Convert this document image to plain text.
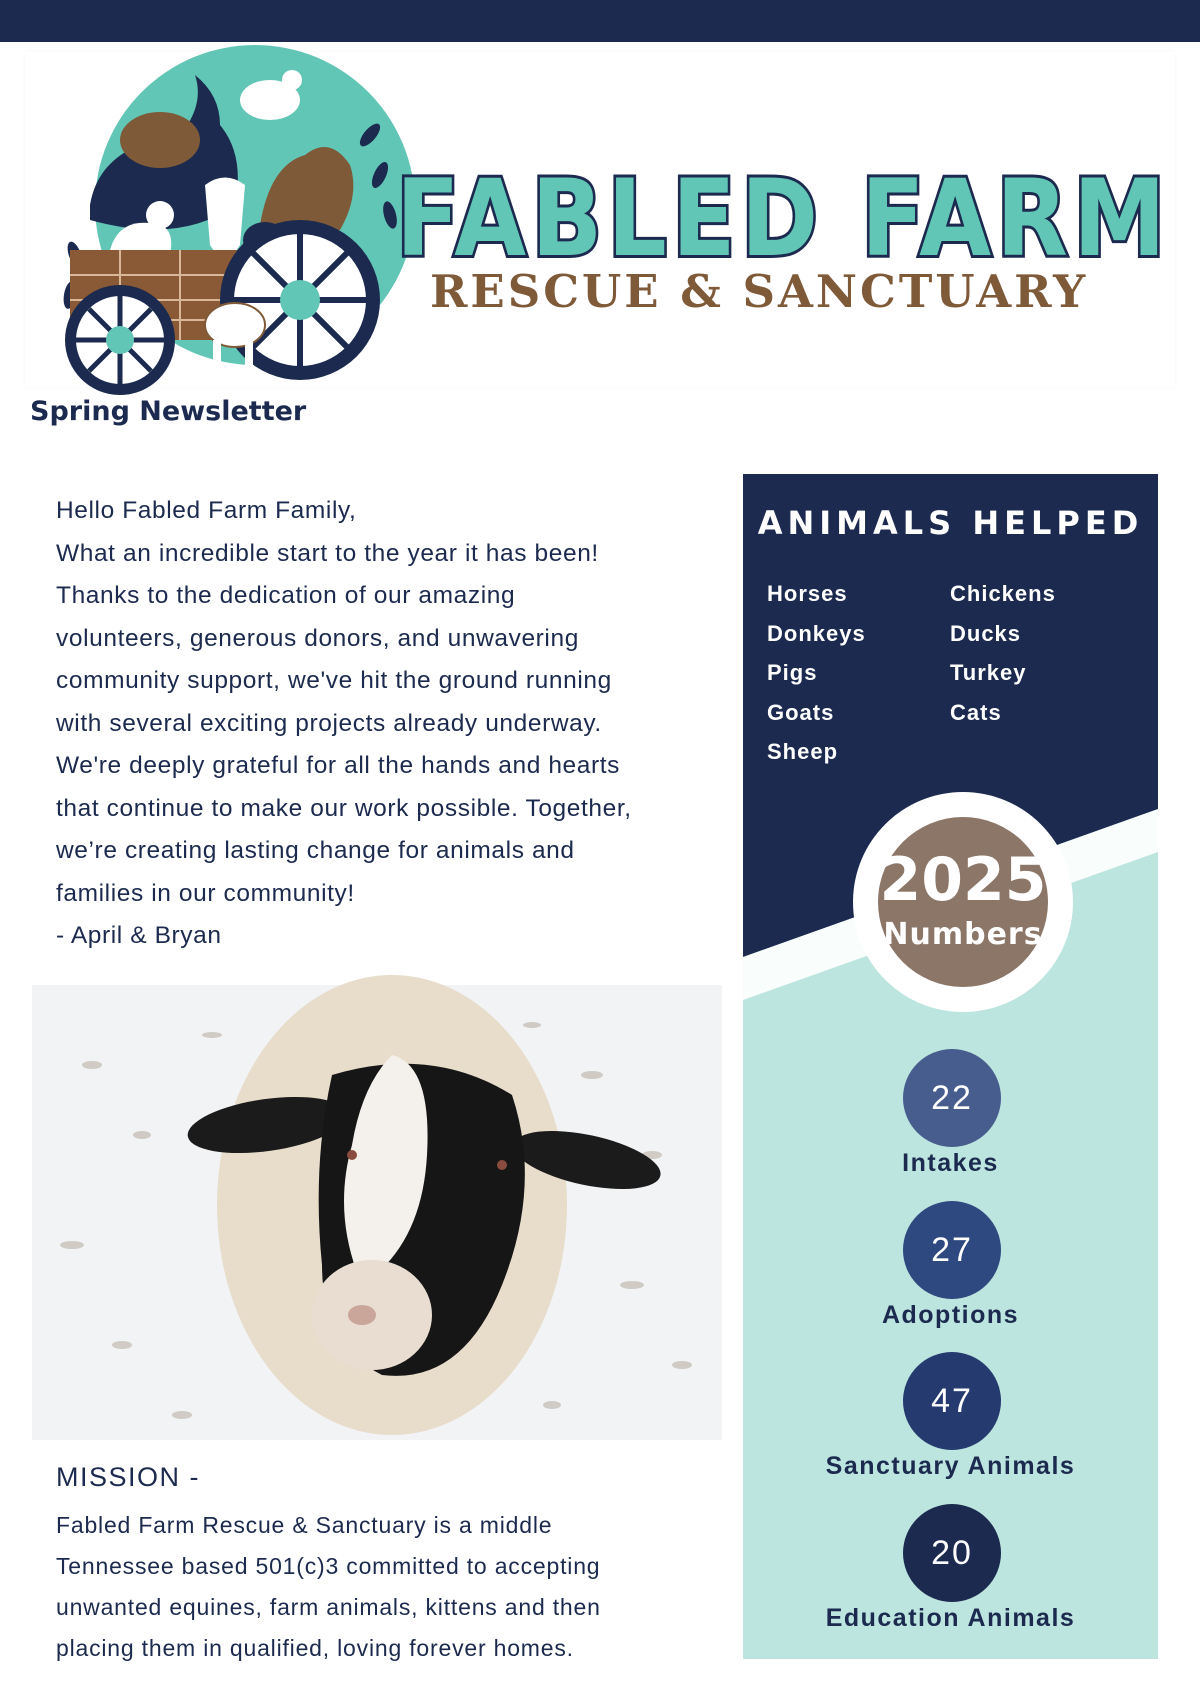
FABLED FARM
RESCUE & SANCTUARY
Spring Newsletter
Hello Fabled Farm Family,
What an incredible start to the year it has been!
Thanks to the dedication of our amazing
volunteers, generous donors, and unwavering
community support, we've hit the ground running
with several exciting projects already underway.
We're deeply grateful for all the hands and hearts
that continue to make our work possible. Together,
we’re creating lasting change for animals and
families in our community!
- April & Bryan
MISSION -
Fabled Farm Rescue & Sanctuary is a middle
Tennessee based 501(c)3 committed to accepting
unwanted equines, farm animals, kittens and then
placing them in qualified, loving forever homes.
ANIMALS HELPED
Horses
Donkeys
Pigs
Goats
Sheep
Chickens
Ducks
Turkey
Cats
2025
Numbers
22
Intakes
27
Adoptions
47
Sanctuary Animals
20
Education Animals
